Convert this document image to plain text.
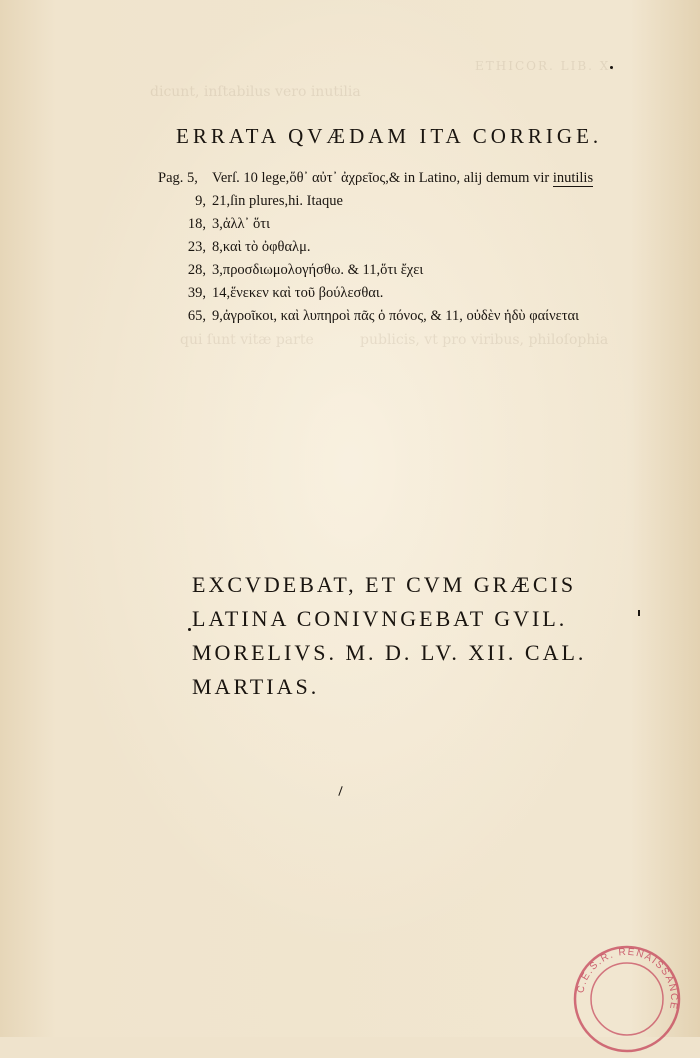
ETHICOR. LIB. X.
dicunt, inſtabilus vero inutilia
qui ſunt vitæ parte	publicis, vt pro viribus, philoſophia
ERRATA QVÆDAM ITA CORRIGE.
Pag. 5, Verſ. 10 lege,ὅθ᾽ αὐτ᾽ ἀχρεῖος,& in Latino, alij demum vir inutilis
9, 21,ſin plures,hi. Itaque
18, 3,ἀλλ᾽ ὅτι
23, 8,καὶ τὸ ὀφθαλμ.
28, 3,προσδιωμολογήσθω. & 11,ὅτι ἔχει
39, 14,ἕνεκεν καὶ τοῦ βούλεσθαι.
65, 9,ἀγροῖκοι, καὶ λυπηροὶ πᾶς ὁ πόνος, & 11, οὐδὲν ἡδὺ φαίνεται
EXCVDEBAT, ET CVM GRÆCIS
LATINA CONIVNGEBAT GVIL.
MORELIVS. M. D. LV. XII. CAL.
MARTIAS.
C.E.S.R. RENAISSANCE
